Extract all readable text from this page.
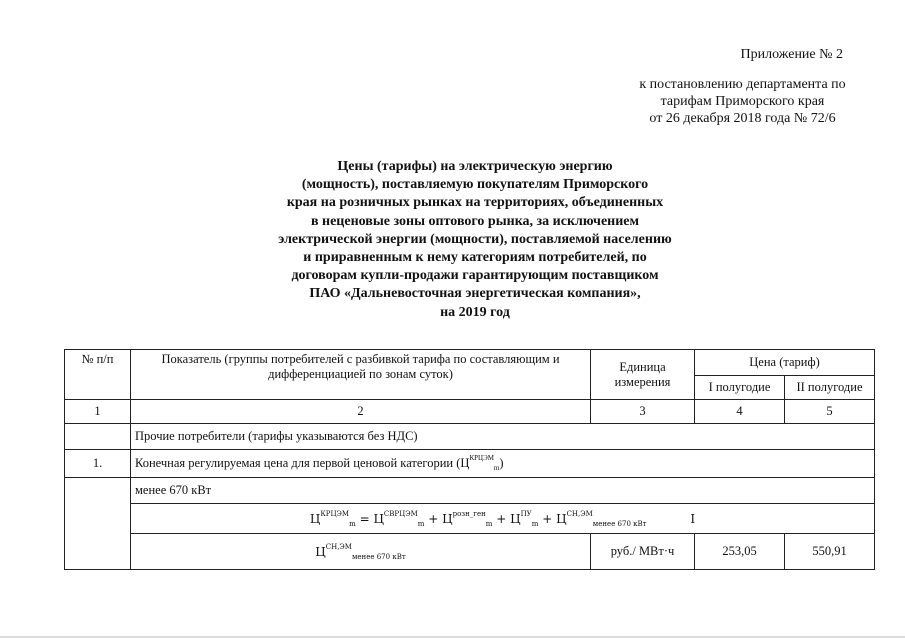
Приложение № 2
к постановлению департамента по
тарифам Приморского края
от 26 декабря 2018 года № 72/6
Цены (тарифы) на электрическую энергию
(мощность), поставляемую покупателям Приморского
края на розничных рынках на территориях, объединенных
в неценовые зоны оптового рынка, за исключением
электрической энергии (мощности), поставляемой населению
и приравненным к нему категориям потребителей, по
договорам купли-продажи гарантирующим поставщиком
ПАО «Дальневосточная энергетическая компания»,
на 2019 год
№ п/п	Показатель (группы потребителей с разбивкой тарифа по составляющим и дифференциацией по зонам суток)	Единица измерения	Цена (тариф)	
			I полугодие	II полугодие
1	2	3	4	5
	Прочие потребители (тарифы указываются без НДС)			
1.	Конечная регулируемая цена для первой ценовой категории $(Ц^{КРЦЭМ}_m)$			
	менее 670 кВт			
	$Ц^{КРЦЭМ}_m = Ц^{СВРЦЭМ}_m + Ц^{розн\_ген}_m + Ц^{ПУ}_m + Ц^{СН,ЭМ}_{менее 670 кВт}$ I			
	$Ц^{СН,ЭМ}_{менее 670 кВт}$	руб./ МВт·ч	253,05	550,91
